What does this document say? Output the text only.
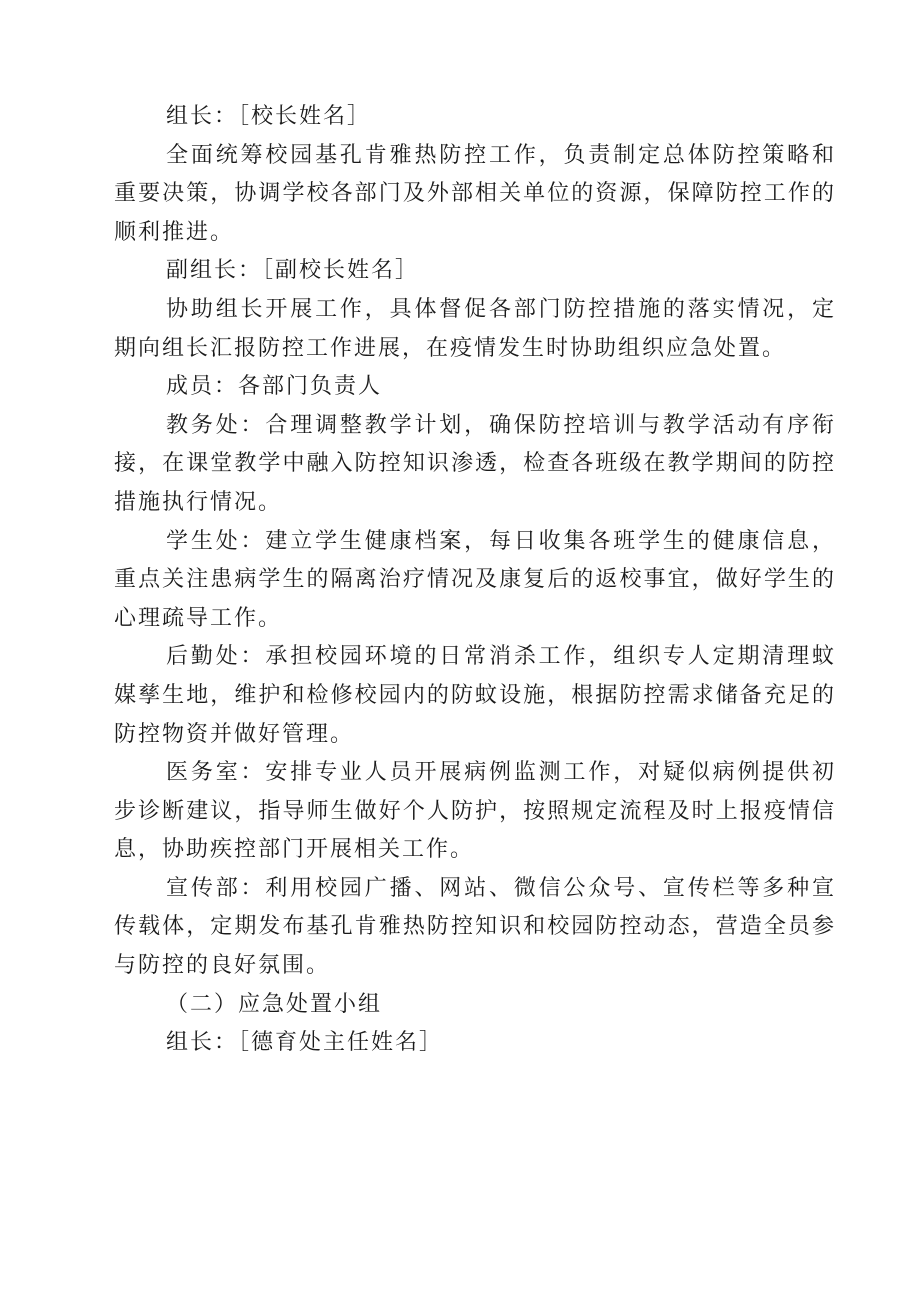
组长：［校长姓名］

全面统筹校园基孔肯雅热防控工作，负责制定总体防控策略和重要决策，协调学校各部门及外部相关单位的资源，保障防控工作的顺利推进。

副组长：［副校长姓名］

协助组长开展工作，具体督促各部门防控措施的落实情况，定期向组长汇报防控工作进展，在疫情发生时协助组织应急处置。

成员：各部门负责人

教务处：合理调整教学计划，确保防控培训与教学活动有序衔接，在课堂教学中融入防控知识渗透，检查各班级在教学期间的防控措施执行情况。

学生处：建立学生健康档案，每日收集各班学生的健康信息，重点关注患病学生的隔离治疗情况及康复后的返校事宜，做好学生的心理疏导工作。

后勤处：承担校园环境的日常消杀工作，组织专人定期清理蚊媒孳生地，维护和检修校园内的防蚊设施，根据防控需求储备充足的防控物资并做好管理。

医务室：安排专业人员开展病例监测工作，对疑似病例提供初步诊断建议，指导师生做好个人防护，按照规定流程及时上报疫情信息，协助疾控部门开展相关工作。

宣传部：利用校园广播、网站、微信公众号、宣传栏等多种宣传载体，定期发布基孔肯雅热防控知识和校园防控动态，营造全员参与防控的良好氛围。

（二）应急处置小组

组长：［德育处主任姓名］
